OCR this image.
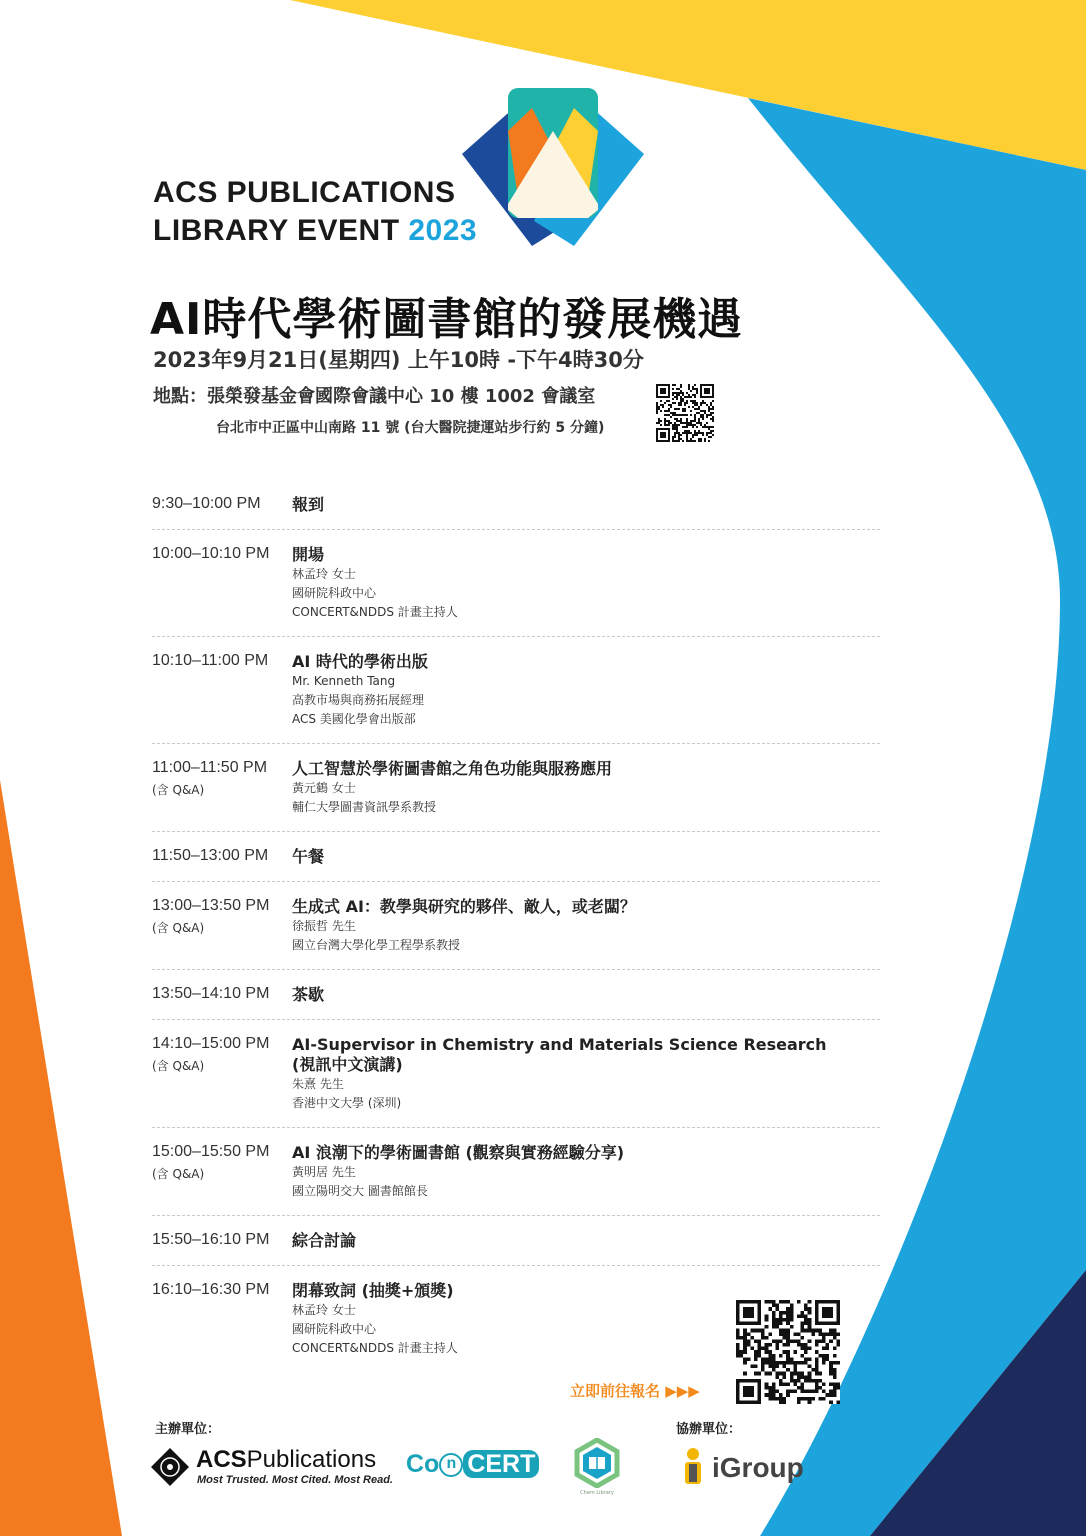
ACS PUBLICATIONS
LIBRARY EVENT 2023
AI時代學術圖書館的發展機遇
2023年9月21日(星期四) 上午10時 -下午4時30分
地點：張榮發基金會國際會議中心 10 樓 1002 會議室
台北市中正區中山南路 11 號 (台大醫院捷運站步行約 5 分鐘)
9:30–10:00 PM	報到
10:00–10:10 PM	開場
林孟玲 女士
國研院科政中心
CONCERT&NDDS 計畫主持人
10:10–11:00 PM	AI 時代的學術出版
Mr. Kenneth Tang
高教市場與商務拓展經理
ACS 美國化學會出版部
11:00–11:50 PM
(含 Q&A)
人工智慧於學術圖書館之角色功能與服務應用
黃元鶴 女士
輔仁大學圖書資訊學系教授
11:50–13:00 PM	午餐
13:00–13:50 PM
(含 Q&A)
生成式 AI：教學與研究的夥伴、敵人，或老闆？
徐振哲 先生
國立台灣大學化學工程學系教授
13:50–14:10 PM	茶歇
14:10–15:00 PM
(含 Q&A)
AI-Supervisor in Chemistry and Materials Science Research
(視訊中文演講)
朱熹 先生
香港中文大學 (深圳)
15:00–15:50 PM
(含 Q&A)
AI 浪潮下的學術圖書館 (觀察與實務經驗分享)
黃明居 先生
國立陽明交大 圖書館館長
15:50–16:10 PM	綜合討論
16:10–16:30 PM	閉幕致詞 (抽獎+頒獎)
林孟玲 女士
國研院科政中心
CONCERT&NDDS 計畫主持人
立即前往報名 ▶▶▶
主辦單位：	協辦單位：
ACSPublications
Most Trusted. Most Cited. Most Read.
Co n CERT
Chem Library
iGroup
